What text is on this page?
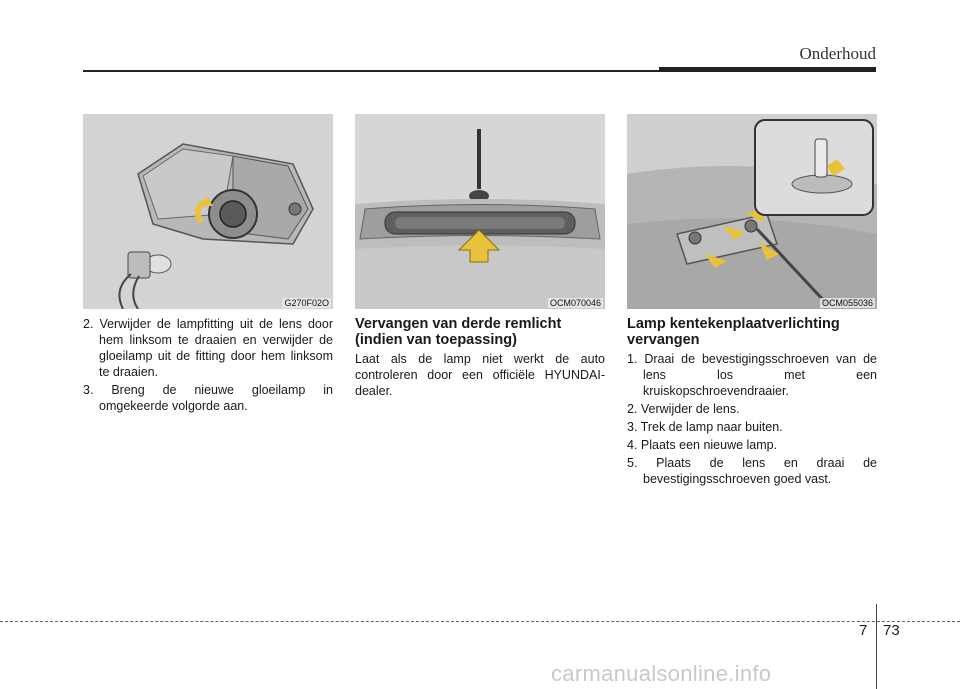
Onderhoud
G270F02O	OCM070046	OCM055036
2. Verwijder de lampfitting uit de lens door hem linksom te draaien en verwijder de gloeilamp uit de fitting door hem linksom te draaien.
3. Breng de nieuwe gloeilamp in omgekeerde volgorde aan.
Vervangen van derde remlicht (indien van toepassing)

Laat als de lamp niet werkt de auto controleren door een officiële HYUNDAI-dealer.

Lamp kentekenplaatverlichting vervangen
1. Draai de bevestigingsschroeven van de lens los met een kruiskopschroevendraaier.
2. Verwijder de lens.
3. Trek de lamp naar buiten.
4. Plaats een nieuwe lamp.
5. Plaats de lens en draai de bevestigingsschroeven goed vast.
7 73
carmanualsonline.info
